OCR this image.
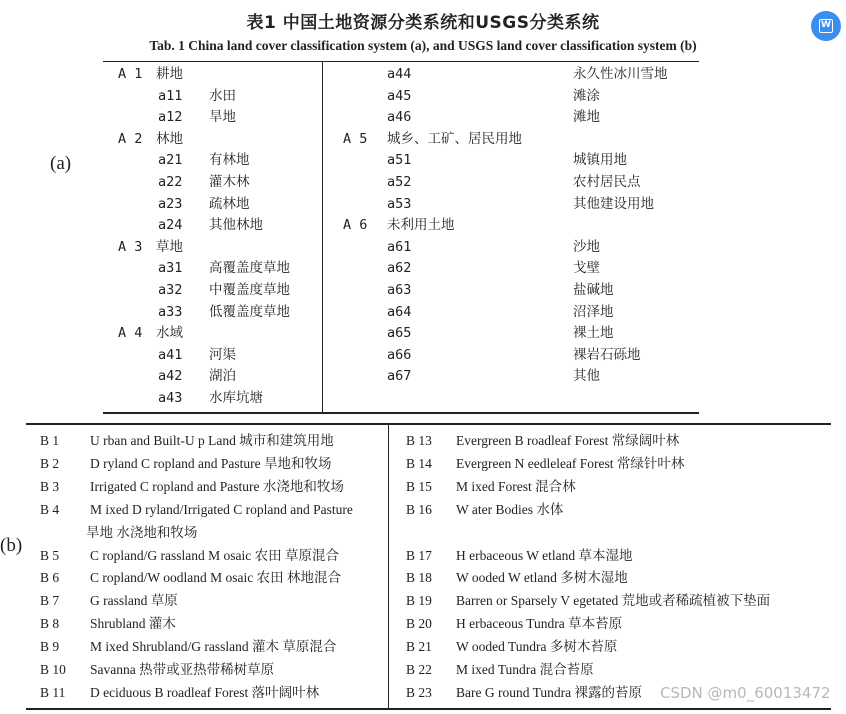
表1 中国土地资源分类系统和USGS分类系统
Tab. 1 China land cover classification system (a), and USGS land cover classification system (b)
W
(a)
A 1 耕地
a11 水田
a12 旱地
A 2 林地
a21 有林地
a22 灌木林
a23 疏林地
a24 其他林地
A 3 草地
a31 高覆盖度草地
a32 中覆盖度草地
a33 低覆盖度草地
A 4 水域
a41 河渠
a42 湖泊
a43 水库坑塘
a44	永久性冰川雪地
a45	滩涂
a46	滩地
A 5 城乡、工矿、居民用地
a51	城镇用地
a52	农村居民点
a53	其他建设用地
A 6 未利用土地
a61	沙地
a62	戈壁
a63	盐碱地
a64	沼泽地
a65	裸土地
a66	裸岩石砾地
a67	其他
(b)
B 1 U rban and Built-U p Land 城市和建筑用地
B 2 D ryland C ropland and Pasture 旱地和牧场
B 3 Irrigated C ropland and Pasture 水浇地和牧场
B 4 M ixed D ryland/Irrigated C ropland and Pasture
旱地 水浇地和牧场
B 5 C ropland/G rassland M osaic 农田 草原混合
B 6 C ropland/W oodland M osaic 农田 林地混合
B 7 G rassland 草原
B 8 Shrubland 灌木
B 9 M ixed Shrubland/G rassland 灌木 草原混合
B 10 Savanna 热带或亚热带稀树草原
B 11 D eciduous B roadleaf Forest 落叶阔叶林
B 13 Evergreen B roadleaf Forest 常绿阔叶林
B 14 Evergreen N eedleleaf Forest 常绿针叶林
B 15 M ixed Forest 混合林
B 16 W ater Bodies 水体
B 17 H erbaceous W etland 草本湿地
B 18 W ooded W etland 多树木湿地
B 19 Barren or Sparsely V egetated 荒地或者稀疏植被下垫面
B 20 H erbaceous Tundra 草本苔原
B 21 W ooded Tundra 多树木苔原
B 22 M ixed Tundra 混合苔原
B 23 Bare G round Tundra 裸露的苔原 CSDN @m0_60013472
